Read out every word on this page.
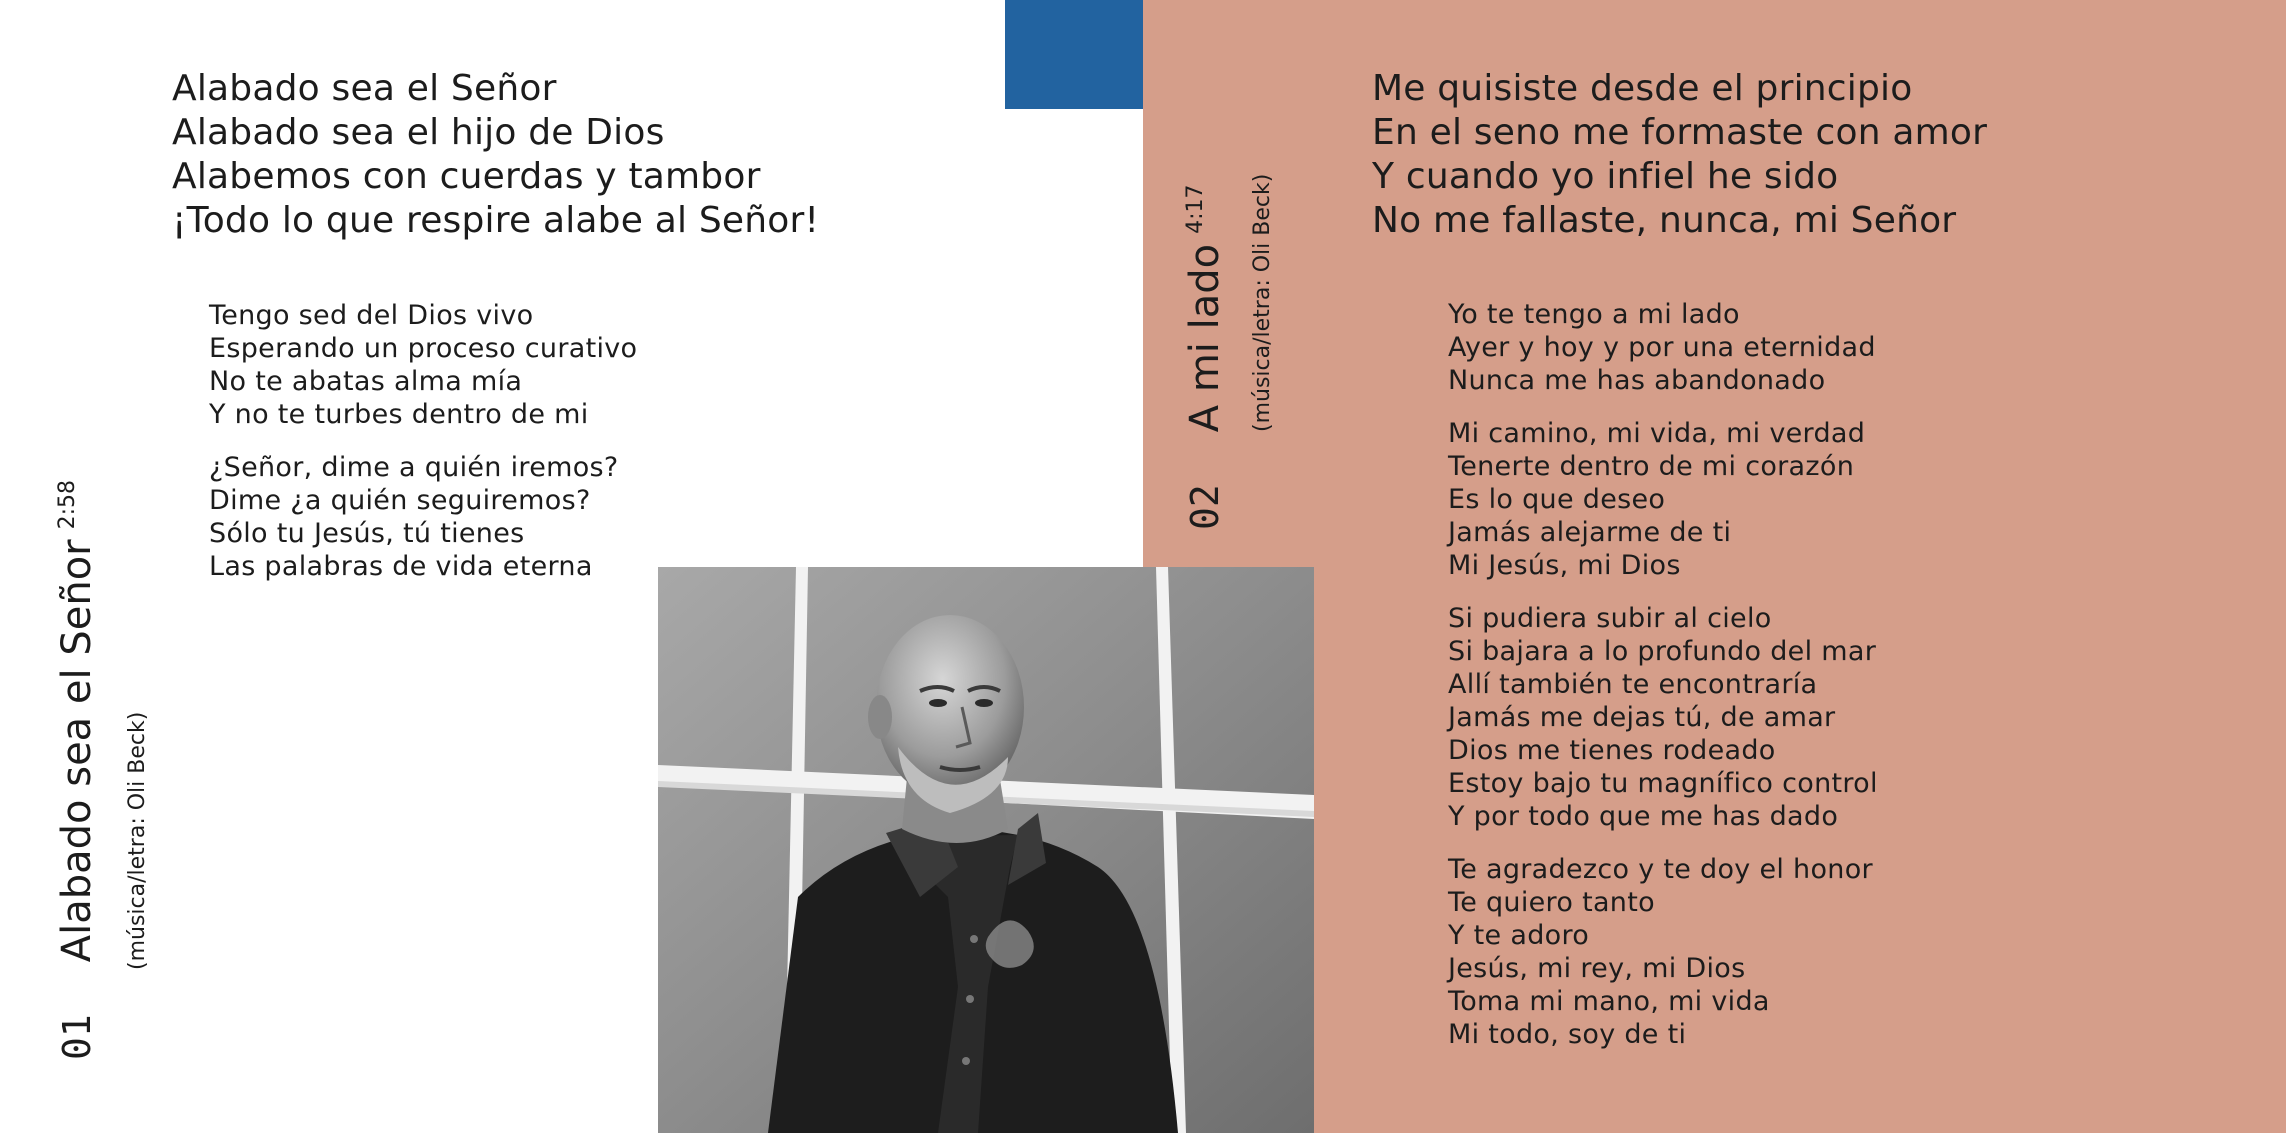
01
Alabado sea el Señor
2:58
(música/letra: Oli Beck)
Alabado sea el Señor
Alabado sea el hijo de Dios
Alabemos con cuerdas y tambor
¡Todo lo que respire alabe al Señor!
Tengo sed del Dios vivo
Esperando un proceso curativo
No te abatas alma mía
Y no te turbes dentro de mi
¿Señor, dime a quién iremos?
Dime ¿a quién seguiremos?
Sólo tu Jesús, tú tienes
Las palabras de vida eterna
02
A mi lado
4:17 (música/letra: Oli Beck)
Me quisiste desde el principio
En el seno me formaste con amor
Y cuando yo infiel he sido
No me fallaste, nunca, mi Señor
Yo te tengo a mi lado
Ayer y hoy y por una eternidad
Nunca me has abandonado
Mi camino, mi vida, mi verdad
Tenerte dentro de mi corazón
Es lo que deseo
Jamás alejarme de ti
Mi Jesús, mi Dios
Si pudiera subir al cielo
Si bajara a lo profundo del mar
Allí también te encontraría
Jamás me dejas tú, de amar
Dios me tienes rodeado
Estoy bajo tu magnífico control
Y por todo que me has dado
Te agradezco y te doy el honor
Te quiero tanto
Y te adoro
Jesús, mi rey, mi Dios
Toma mi mano, mi vida
Mi todo, soy de ti
